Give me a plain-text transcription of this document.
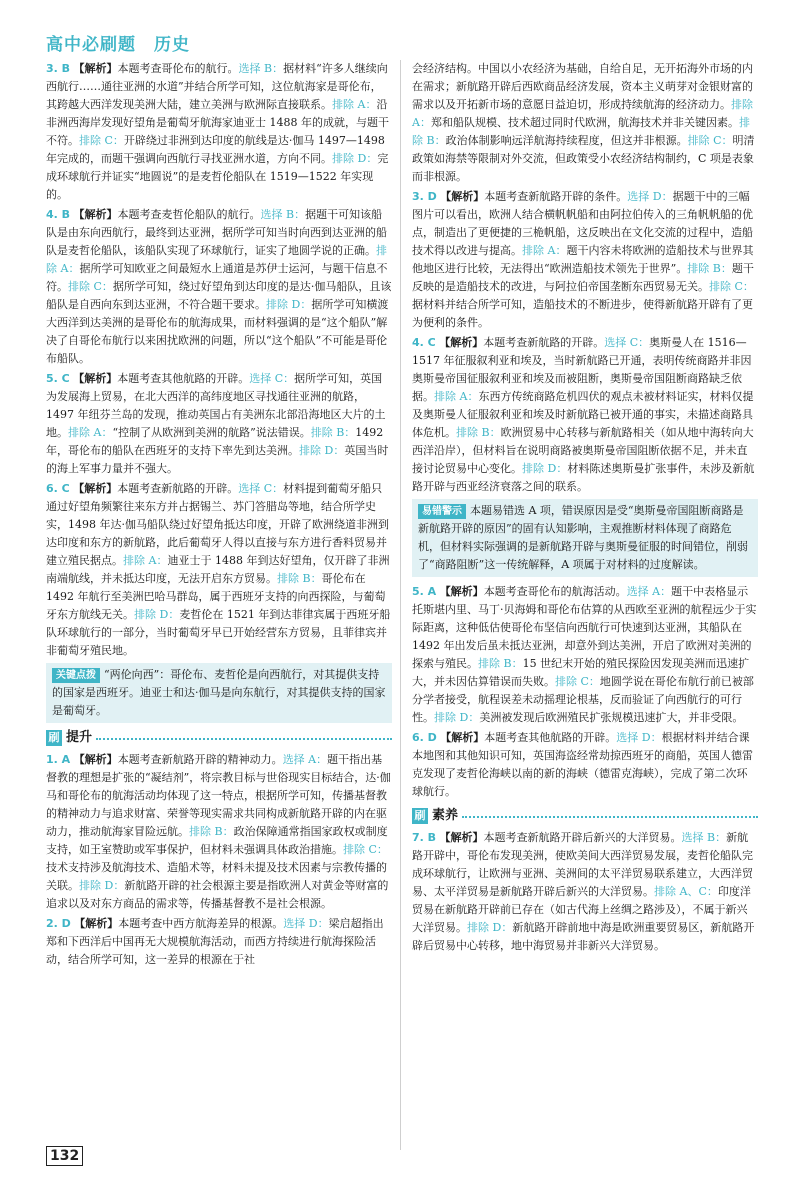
高中必刷题　历史
3. B 【解析】本题考查哥伦布的航行。选择 B：据材料“许多人继续向西航行……通往亚洲的水道”并结合所学可知，这位航海家是哥伦布，其跨越大西洋发现美洲大陆，建立美洲与欧洲际直接联系。排除 A：沿非洲西海岸发现好望角是葡萄牙航海家迪亚士 1488 年的成就，与题干不符。排除 C：开辟绕过非洲到达印度的航线是达·伽马 1497—1498 年完成的，而题干强调向西航行寻找亚洲水道，方向不同。排除 D：完成环球航行并证实“地圆说”的是麦哲伦船队在 1519—1522 年实现的。
4. B 【解析】本题考查麦哲伦船队的航行。选择 B：据题干可知该船队是由东向西航行，最终到达亚洲，据所学可知当时向西到达亚洲的船队是麦哲伦船队，该船队实现了环球航行，证实了地圆学说的正确。排除 A：据所学可知欧亚之间最短水上通道是苏伊士运河，与题干信息不符。排除 C：据所学可知，绕过好望角到达印度的是达·伽马船队，且该船队是自西向东到达亚洲，不符合题干要求。排除 D：据所学可知横渡大西洋到达美洲的是哥伦布的航海成果，而材料强调的是“这个船队”解决了自哥伦布航行以来困扰欧洲的问题，所以“这个船队”不可能是哥伦布船队。
5. C 【解析】本题考查其他航路的开辟。选择 C：据所学可知，英国为发展海上贸易，在北大西洋的高纬度地区寻找通往亚洲的航路，1497 年纽芬兰岛的发现，推动英国占有美洲东北部沿海地区大片的土地。排除 A：“控制了从欧洲到美洲的航路”说法错误。排除 B：1492 年，哥伦布的船队在西班牙的支持下率先到达美洲。排除 D：英国当时的海上军事力量并不强大。
6. C 【解析】本题考查新航路的开辟。选择 C：材料提到葡萄牙船只通过好望角频繁往来东方并占据锡兰、苏门答腊岛等地，结合所学史实，1498 年达·伽马船队绕过好望角抵达印度，开辟了欧洲绕道非洲到达印度和东方的新航路，此后葡萄牙人得以直接与东方进行香料贸易并建立殖民据点。排除 A：迪亚士于 1488 年到达好望角，仅开辟了非洲南端航线，并未抵达印度，无法开启东方贸易。排除 B：哥伦布在 1492 年航行至美洲巴哈马群岛，属于西班牙支持的向西探险，与葡萄牙东方航线无关。排除 D：麦哲伦在 1521 年到达菲律宾属于西班牙船队环球航行的一部分，当时葡萄牙早已开始经营东方贸易，且菲律宾并非葡萄牙殖民地。
关键点拨 “两伦向西”：哥伦布、麦哲伦是向西航行，对其提供支持的国家是西班牙。迪亚士和达·伽马是向东航行，对其提供支持的国家是葡萄牙。
刷 提升
1. A 【解析】本题考查新航路开辟的精神动力。选择 A：题干指出基督教的理想是扩张的“凝结剂”，将宗教目标与世俗现实目标结合，达·伽马和哥伦布的航海活动均体现了这一特点，根据所学可知，传播基督教的精神动力与追求财富、荣誉等现实需求共同构成新航路开辟的内在驱动力，推动航海家冒险远航。排除 B：政治保障通常指国家政权或制度支持，如王室赞助或军事保护，但材料未强调具体政治措施。排除 C：技术支持涉及航海技术、造船术等，材料未提及技术因素与宗教传播的关联。排除 D：新航路开辟的社会根源主要是指欧洲人对黄金等财富的追求以及对东方商品的需求等，传播基督教不是社会根源。
2. D 【解析】本题考查中西方航海差异的根源。选择 D：梁启超指出郑和下西洋后中国再无大规模航海活动，而西方持续进行航海探险活动，结合所学可知，这一差异的根源在于社
会经济结构。中国以小农经济为基础，自给自足，无开拓海外市场的内在需求；新航路开辟后西欧商品经济发展，资本主义萌芽对金银财富的需求以及开拓新市场的意愿日益迫切，形成持续航海的经济动力。排除 A：郑和船队规模、技术超过同时代欧洲，航海技术并非关键因素。排除 B：政治体制影响远洋航海持续程度，但这并非根源。排除 C：明清政策如海禁等限制对外交流，但政策受小农经济结构制约，C 项是表象而非根源。
3. D 【解析】本题考查新航路开辟的条件。选择 D：据题干中的三幅图片可以看出，欧洲人结合横帆帆船和由阿拉伯传入的三角帆帆船的优点，制造出了更便捷的三桅帆船，这反映出在文化交流的过程中，造船技术得以改进与提高。排除 A：题干内容未将欧洲的造船技术与世界其他地区进行比较，无法得出“欧洲造船技术领先于世界”。排除 B：题干反映的是造船技术的改进，与阿拉伯帝国垄断东西贸易无关。排除 C：据材料并结合所学可知，造船技术的不断进步，使得新航路开辟有了更为便利的条件。
4. C 【解析】本题考查新航路的开辟。选择 C：奥斯曼人在 1516—1517 年征服叙利亚和埃及，当时新航路已开通，表明传统商路并非因奥斯曼帝国征服叙利亚和埃及而被阻断，奥斯曼帝国阻断商路缺乏依据。排除 A：东西方传统商路危机四伏的观点未被材料证实，材料仅提及奥斯曼人征服叙利亚和埃及时新航路已被开通的事实，未描述商路具体危机。排除 B：欧洲贸易中心转移与新航路相关（如从地中海转向大西洋沿岸），但材料旨在说明商路被奥斯曼帝国阻断依据不足，并未直接讨论贸易中心变化。排除 D：材料陈述奥斯曼扩张事件，未涉及新航路开辟与西亚经济衰落之间的联系。
易错警示 本题易错选 A 项，错误原因是受“奥斯曼帝国阻断商路是新航路开辟的原因”的固有认知影响，主观推断材料体现了商路危机，但材料实际强调的是新航路开辟与奥斯曼征服的时间错位，削弱了“商路阻断”这一传统解释，A 项属于对材料的过度解读。
5. A 【解析】本题考查哥伦布的航海活动。选择 A：题干中表格显示托斯堪内里、马丁·贝海姆和哥伦布估算的从西欧至亚洲的航程远少于实际距离，这种低估使哥伦布坚信向西航行可快速到达亚洲，其船队在 1492 年出发后虽未抵达亚洲，却意外到达美洲，开启了欧洲对美洲的探索与殖民。排除 B：15 世纪末开始的殖民探险因发现美洲而迅速扩大，并未因估算错误而失败。排除 C：地圆学说在哥伦布航行前已被部分学者接受，航程误差未动摇理论根基，反而验证了向西航行的可行性。排除 D：美洲被发现后欧洲殖民扩张规模迅速扩大，并非受限。
6. D 【解析】本题考查其他航路的开辟。选择 D：根据材料并结合课本地图和其他知识可知，英国海盗经常劫掠西班牙的商船，英国人德雷克发现了麦哲伦海峡以南的新的海峡（德雷克海峡），完成了第二次环球航行。
刷 素养
7. B 【解析】本题考查新航路开辟后新兴的大洋贸易。选择 B：新航路开辟中，哥伦布发现美洲，使欧美间大西洋贸易发展，麦哲伦船队完成环球航行，让欧洲与亚洲、美洲间的太平洋贸易联系建立，大西洋贸易、太平洋贸易是新航路开辟后新兴的大洋贸易。排除 A、C：印度洋贸易在新航路开辟前已存在（如古代海上丝绸之路涉及），不属于新兴大洋贸易。排除 D：新航路开辟前地中海是欧洲重要贸易区，新航路开辟后贸易中心转移，地中海贸易并非新兴大洋贸易。
132
